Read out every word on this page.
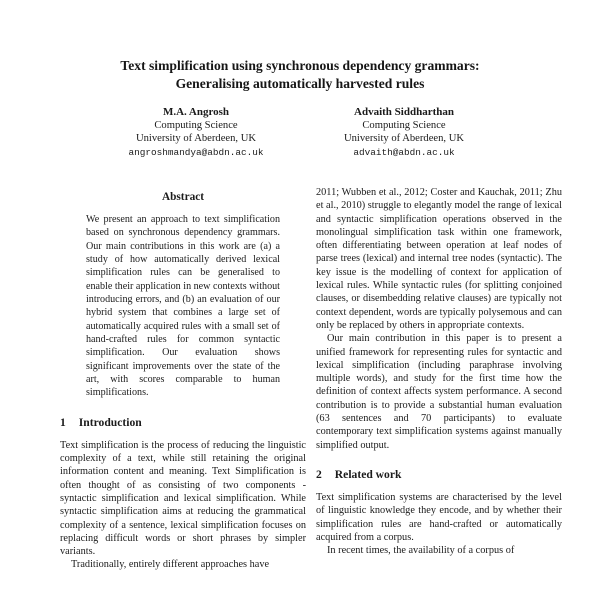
Text simplification using synchronous dependency grammars:
Generalising automatically harvested rules
M.A. Angrosh
Computing Science
University of Aberdeen, UK
angroshmandya@abdn.ac.uk
Advaith Siddharthan
Computing Science
University of Aberdeen, UK
advaith@abdn.ac.uk
Abstract

We present an approach to text simplification based on synchronous dependency grammars. Our main contributions in this work are (a) a study of how automatically derived lexical simplification rules can be generalised to enable their application in new contexts without introducing errors, and (b) an evaluation of our hybrid system that combines a large set of automatically acquired rules with a small set of hand-crafted rules for common syntactic simplification. Our evaluation shows significant improvements over the state of the art, with scores comparable to human simplifications.

1 Introduction

Text simplification is the process of reducing the linguistic complexity of a text, while still retaining the original information content and meaning. Text Simplification is often thought of as consisting of two components - syntactic simplification and lexical simplification. While syntactic simplification aims at reducing the grammatical complexity of a sentence, lexical simplification focuses on replacing difficult words or short phrases by simpler variants.

Traditionally, entirely different approaches have

2011; Wubben et al., 2012; Coster and Kauchak, 2011; Zhu et al., 2010) struggle to elegantly model the range of lexical and syntactic simplification operations observed in the monolingual simplification task within one framework, often differentiating between operation at leaf nodes of parse trees (lexical) and internal tree nodes (syntactic). The key issue is the modelling of context for application of lexical rules. While syntactic rules (for splitting conjoined clauses, or disembedding relative clauses) are typically not context dependent, words are typically polysemous and can only be replaced by others in appropriate contexts.

Our main contribution in this paper is to present a unified framework for representing rules for syntactic and lexical simplification (including paraphrase involving multiple words), and study for the first time how the definition of context affects system performance. A second contribution is to provide a substantial human evaluation (63 sentences and 70 participants) to evaluate contemporary text simplification systems against manually simplified output.

2 Related work

Text simplification systems are characterised by the level of linguistic knowledge they encode, and by whether their simplification rules are hand-crafted or automatically acquired from a corpus.

In recent times, the availability of a corpus of
